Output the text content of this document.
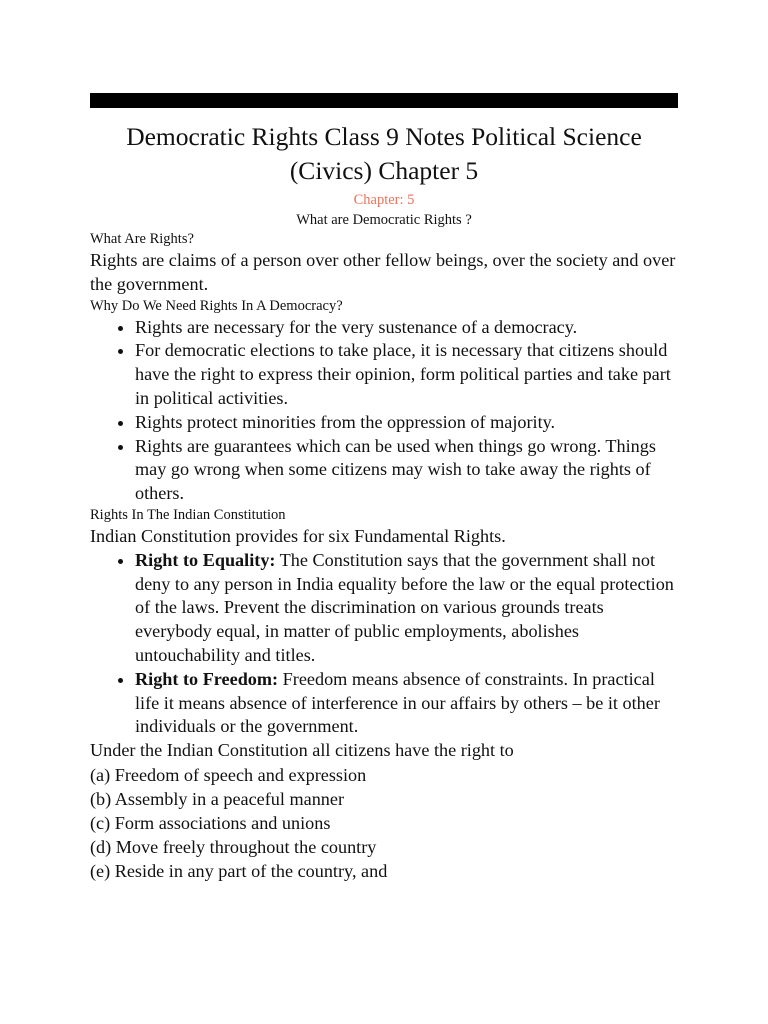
Democratic Rights Class 9 Notes Political Science (Civics) Chapter 5
Chapter: 5
What are Democratic Rights ?
What Are Rights?

Rights are claims of a person over other fellow beings, over the society and over the government.

Why Do We Need Rights In A Democracy?
• Rights are necessary for the very sustenance of a democracy.
• For democratic elections to take place, it is necessary that citizens should have the right to express their opinion, form political parties and take part in political activities.
• Rights protect minorities from the oppression of majority.
• Rights are guarantees which can be used when things go wrong. Things may go wrong when some citizens may wish to take away the rights of others.
Rights In The Indian Constitution

Indian Constitution provides for six Fundamental Rights.

• Right to Equality: The Constitution says that the government shall not deny to any person in India equality before the law or the equal protection of the laws. Prevent the discrimination on various grounds treats everybody equal, in matter of public employments, abolishes untouchability and titles.
• Right to Freedom: Freedom means absence of constraints. In practical life it means absence of interference in our affairs by others – be it other individuals or the government.

Under the Indian Constitution all citizens have the right to

(a) Freedom of speech and expression
(b) Assembly in a peaceful manner
(c) Form associations and unions
(d) Move freely throughout the country
(e) Reside in any part of the country, and
